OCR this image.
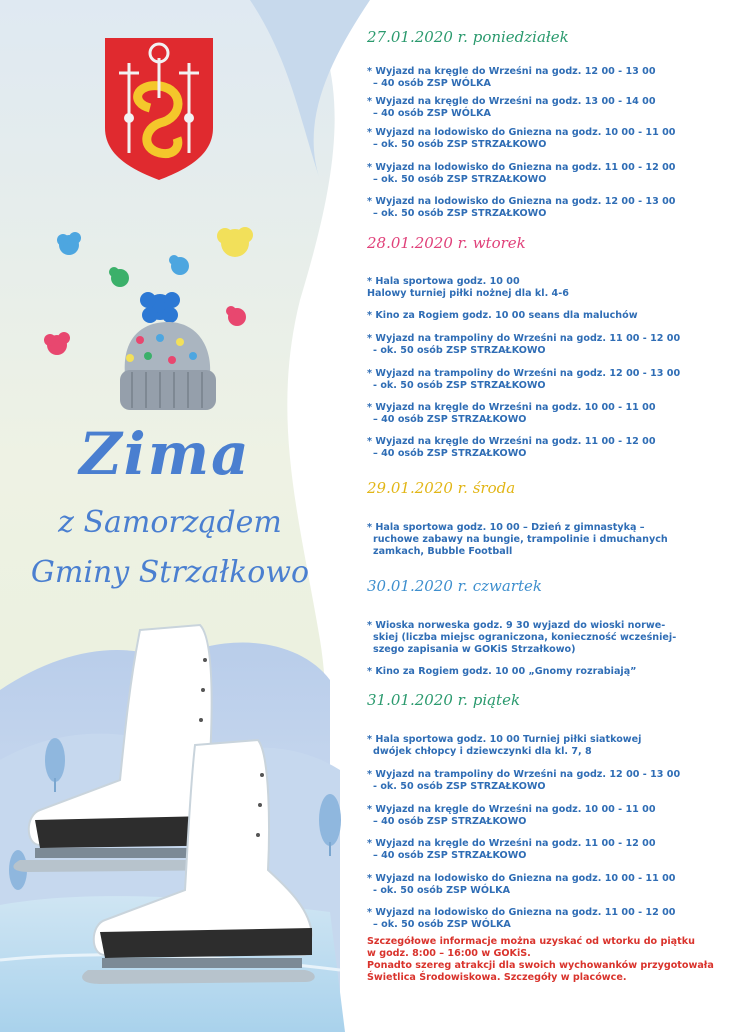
Zima
z Samorządem
Gminy Strzałkowo
27.01.2020 r. poniedziałek
* Wyjazd na kręgle do Wrześni na godz. 12 00 - 13 00
– 40 osób ZSP WÓLKA
* Wyjazd na kręgle do Wrześni na godz. 13 00 - 14 00
– 40 osób ZSP WÓLKA
* Wyjazd na lodowisko do Gniezna na godz. 10 00 - 11 00
– ok. 50 osób ZSP STRZAŁKOWO
* Wyjazd na lodowisko do Gniezna na godz. 11 00 - 12 00
– ok. 50 osób ZSP STRZAŁKOWO
* Wyjazd na lodowisko do Gniezna na godz. 12 00 - 13 00
– ok. 50 osób ZSP STRZAŁKOWO
28.01.2020 r. wtorek
* Hala sportowa godz. 10 00
Halowy turniej piłki nożnej dla kl. 4-6
* Kino za Rogiem godz. 10 00 seans dla maluchów
* Wyjazd na trampoliny do Wrześni na godz. 11 00 - 12 00
- ok. 50 osób ZSP STRZAŁKOWO
* Wyjazd na trampoliny do Wrześni na godz. 12 00 - 13 00
- ok. 50 osób ZSP STRZAŁKOWO
* Wyjazd na kręgle do Wrześni na godz. 10 00 - 11 00
– 40 osób ZSP STRZAŁKOWO
* Wyjazd na kręgle do Wrześni na godz. 11 00 - 12 00
– 40 osób ZSP STRZAŁKOWO
29.01.2020 r. środa
* Hala sportowa godz. 10 00 – Dzień z gimnastyką –
ruchowe zabawy na bungie, trampolinie i dmuchanych
zamkach, Bubble Football
30.01.2020 r. czwartek
* Wioska norweska godz. 9 30 wyjazd do wioski norwe-
skiej (liczba miejsc ograniczona, konieczność wcześniej-
szego zapisania w GOKiS Strzałkowo)
* Kino za Rogiem godz. 10 00 „Gnomy rozrabiają”
31.01.2020 r. piątek
* Hala sportowa godz. 10 00 Turniej piłki siatkowej
dwójek chłopcy i dziewczynki dla kl. 7, 8
* Wyjazd na trampoliny do Wrześni na godz. 12 00 - 13 00
- ok. 50 osób ZSP STRZAŁKOWO
* Wyjazd na kręgle do Wrześni na godz. 10 00 - 11 00
– 40 osób ZSP STRZAŁKOWO
* Wyjazd na kręgle do Wrześni na godz. 11 00 - 12 00
– 40 osób ZSP STRZAŁKOWO
* Wyjazd na lodowisko do Gniezna na godz. 10 00 - 11 00
- ok. 50 osób ZSP WÓLKA
* Wyjazd na lodowisko do Gniezna na godz. 11 00 - 12 00
– ok. 50 osób ZSP WÓLKA
Szczegółowe informacje można uzyskać od wtorku do piątku
w godz. 8:00 – 16:00 w GOKiS.
Ponadto szereg atrakcji dla swoich wychowanków przygotowała
Świetlica Środowiskowa. Szczegóły w placówce.
